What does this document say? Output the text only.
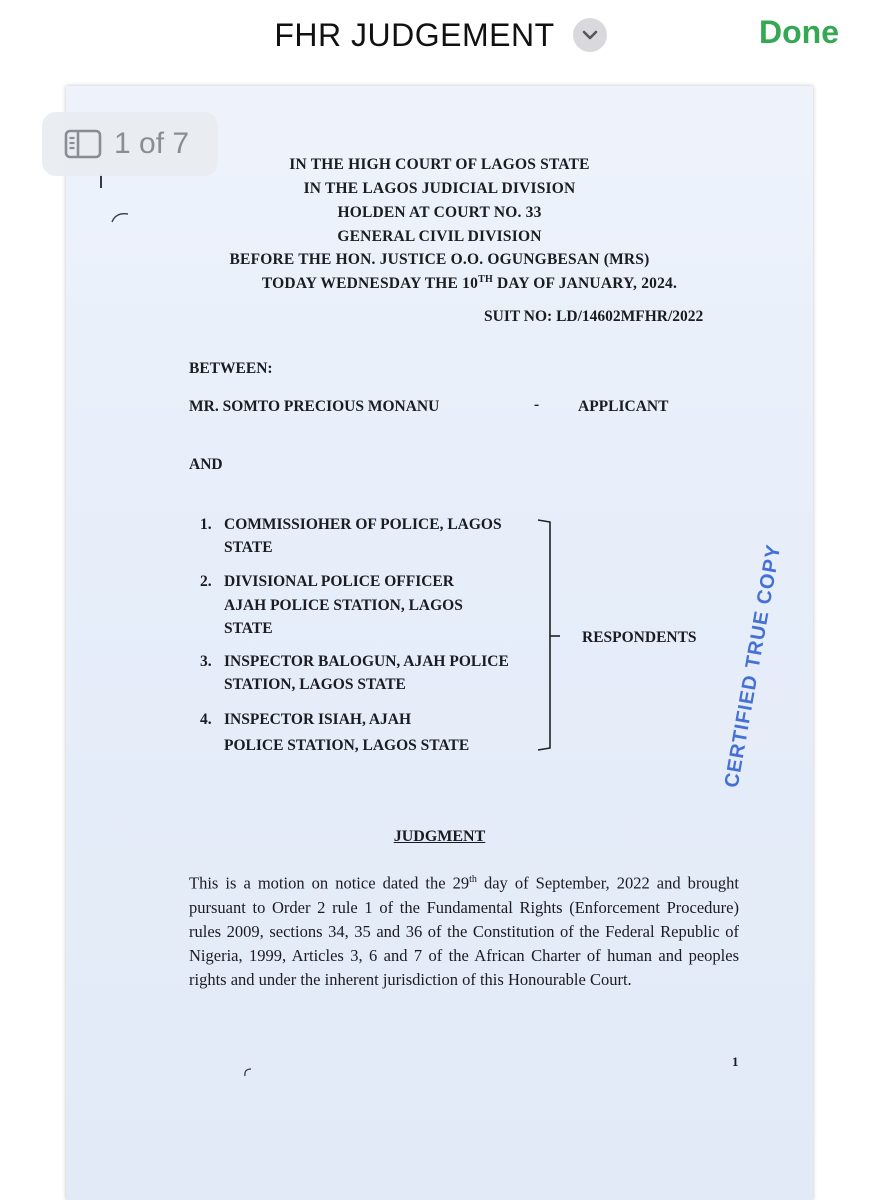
FHR JUDGEMENT	Done
IN THE HIGH COURT OF LAGOS STATE
IN THE LAGOS JUDICIAL DIVISION
HOLDEN AT COURT NO. 33
GENERAL CIVIL DIVISION
BEFORE THE HON. JUSTICE O.O. OGUNGBESAN (MRS)
TODAY WEDNESDAY THE 10TH DAY OF JANUARY, 2024.
SUIT NO: LD/14602MFHR/2022
BETWEEN:
MR. SOMTO PRECIOUS MONANU	-	APPLICANT
AND
1. COMMISSIOHER OF POLICE, LAGOS
STATE
2. DIVISIONAL POLICE OFFICER
AJAH POLICE STATION, LAGOS
STATE
3. INSPECTOR BALOGUN, AJAH POLICE
STATION, LAGOS STATE
4. INSPECTOR ISIAH, AJAH
POLICE STATION, LAGOS STATE
RESPONDENTS CERTIFIED TRUE COPY
JUDGMENT
This is a motion on notice dated the 29th day of September, 2022 and brought pursuant to Order 2 rule 1 of the Fundamental Rights (Enforcement Procedure) rules 2009, sections 34, 35 and 36 of the Constitution of the Federal Republic of Nigeria, 1999, Articles 3, 6 and 7 of the African Charter of human and peoples rights and under the inherent jurisdiction of this Honourable Court.
1
1 of 7
